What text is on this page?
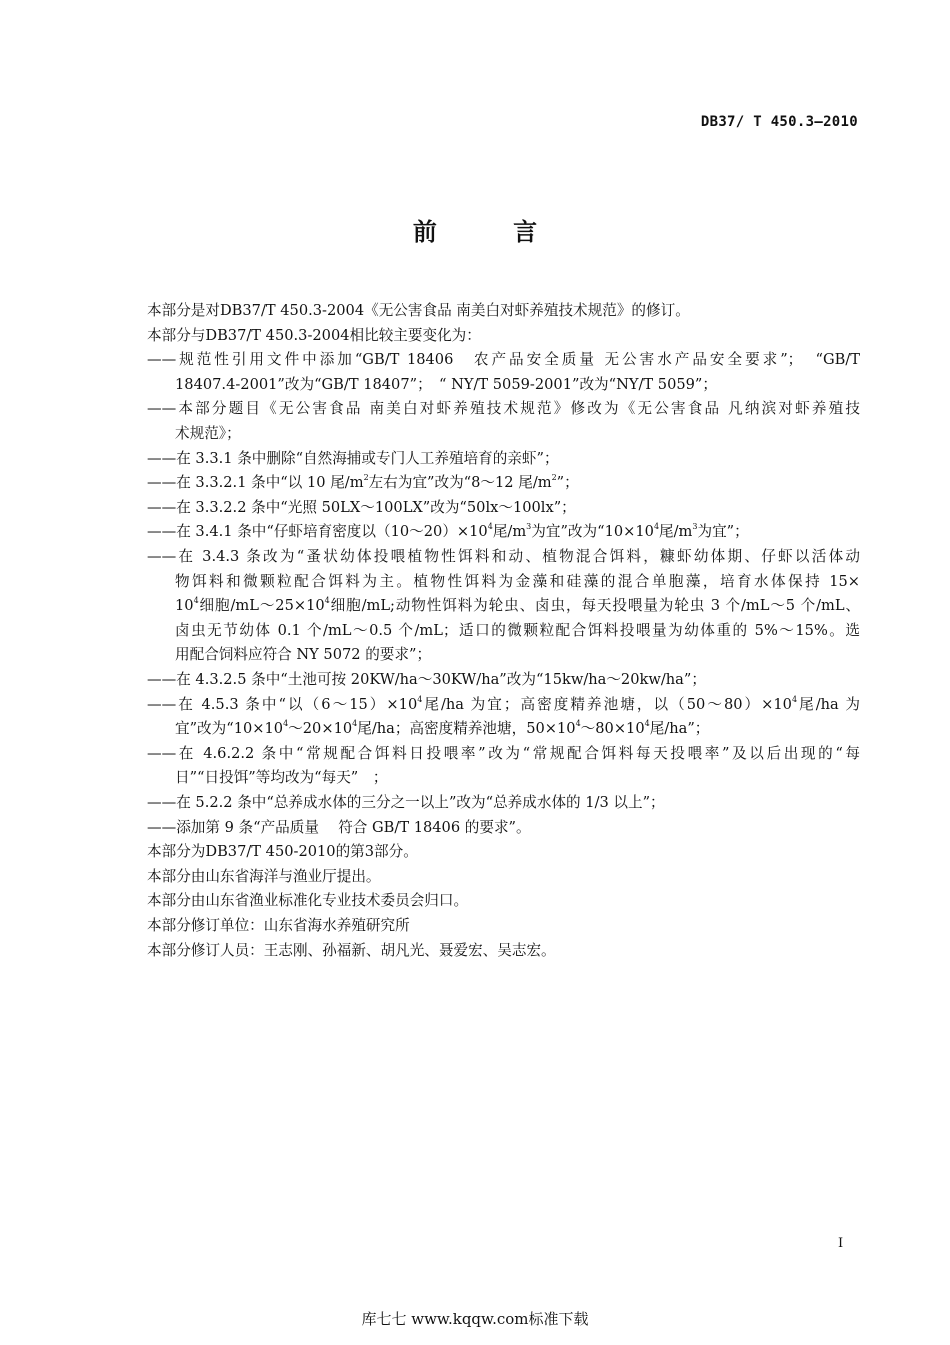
DB37/ T 450.3—2010
前 言
本部分是对DB37/T 450.3-2004《无公害食品 南美白对虾养殖技术规范》的修订。
本部分与DB37/T 450.3-2004相比较主要变化为：
——规范性引用文件中添加“GB/T 18406　农产品安全质量 无公害水产品安全要求”；　“GB/T
18407.4-2001”改为“GB/T 18407”；　“ NY/T 5059-2001”改为“NY/T 5059”；
——本部分题目《无公害食品 南美白对虾养殖技术规范》修改为《无公害食品 凡纳滨对虾养殖技
术规范》；
——在 3.3.1 条中删除“自然海捕或专门人工养殖培育的亲虾”；
——在 3.3.2.1 条中“以 10 尾$/m^2$左右为宜”改为“8～12 尾$/m^2$”；
——在 3.3.2.2 条中“光照 50LX～100LX”改为“50lx～100lx”；
——在 3.4.1 条中“仔虾培育密度以$(10\sim 20)\times 10^4$尾$/m^3$为宜”改为“$10\times 10^4$尾$/m^3$为宜”；
——在 3.4.3 条改为“蚤状幼体投喂植物性饵料和动、植物混合饵料，糠虾幼体期、仔虾以活体动
物饵料和微颗粒配合饵料为主。植物性饵料为金藻和硅藻的混合单胞藻，培育水体保持 15×
$10^4$细胞$/mL\sim 25\times 10^4$细胞/mL;动物性饵料为轮虫、卤虫，每天投喂量为轮虫 3 个/mL～5 个/mL、
卤虫无节幼体 0.1 个/mL～0.5 个/mL；适口的微颗粒配合饵料投喂量为幼体重的 5%～15%。选
用配合饲料应符合 NY 5072 的要求”；
——在 4.3.2.5 条中“土池可按 20KW/ha～30KW/ha”改为“15kw/ha～20kw/ha”；
——在 4.5.3 条中“以$(6\sim 15)\times 10^4$尾/ha 为宜；高密度精养池塘，以$(50\sim 80)\times 10^4$尾/ha 为
宜”改为“$10\times 10^4\sim 20\times 10^4$尾/ha；高密度精养池塘，$50\times 10^4\sim 80\times 10^4$尾/ha”；
——在 4.6.2.2 条中“常规配合饵料日投喂率”改为“常规配合饵料每天投喂率”及以后出现的“每
日”“日投饵”等均改为“每天”　；
——在 5.2.2 条中“总养成水体的三分之一以上”改为“总养成水体的 1/3 以上”；
——添加第 9 条“产品质量　 符合 GB/T 18406 的要求”。
本部分为DB37/T 450-2010的第3部分。
本部分由山东省海洋与渔业厅提出。
本部分由山东省渔业标准化专业技术委员会归口。
本部分修订单位：山东省海水养殖研究所
本部分修订人员：王志刚、孙福新、胡凡光、聂爱宏、吴志宏。
I
库七七 www.kqqw.com标准下载
